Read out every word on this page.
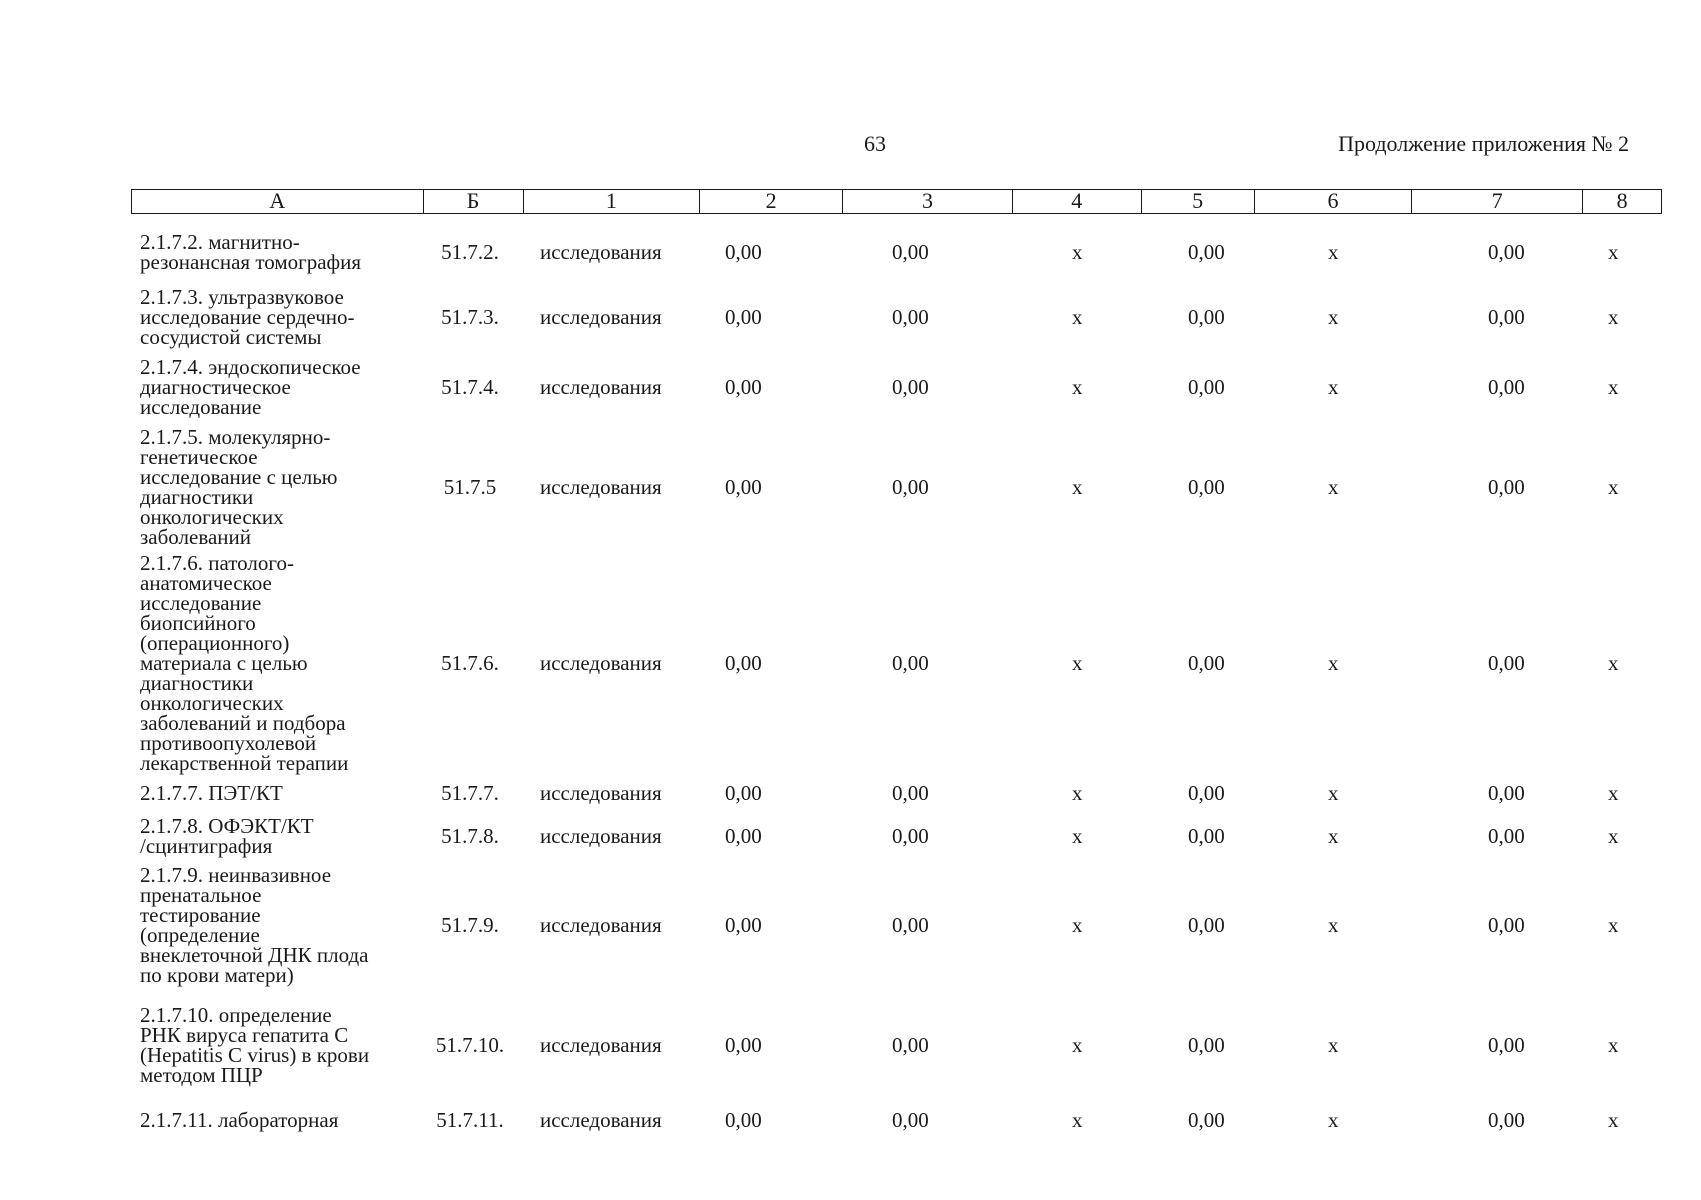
63	Продолжение приложения № 2
А	Б	1	2	3	4	5	6	7	8
2.1.7.2. магнитно-
резонансная томография	51.7.2.	исследования	0,00	0,00	x	0,00	x	0,00	x
2.1.7.3. ультразвуковое
исследование сердечно-
сосудистой системы
51.7.3.	исследования	0,00	0,00	x	0,00	x	0,00	x
2.1.7.4. эндоскопическое
диагностическое
исследование
51.7.4.	исследования	0,00	0,00	x	0,00	x	0,00	x
2.1.7.5. молекулярно-
генетическое
исследование с целью
диагностики
онкологических
заболеваний
51.7.5	исследования	0,00	0,00	x	0,00	x	0,00	x
2.1.7.6. патолого-
анатомическое
исследование
биопсийного
(операционного)
материала с целью
диагностики
онкологических
заболеваний и подбора
противоопухолевой
лекарственной терапии
51.7.6.	исследования	0,00	0,00	x	0,00	x	0,00	x
2.1.7.7. ПЭТ/КТ	51.7.7.	исследования	0,00	0,00	x	0,00	x	0,00	x
2.1.7.8. ОФЭКТ/КТ
/сцинтиграфия	51.7.8.	исследования	0,00	0,00	x	0,00	x	0,00	x
2.1.7.9. неинвазивное
пренатальное
тестирование
(определение
внеклеточной ДНК плода
по крови матери)
51.7.9.	исследования	0,00	0,00	x	0,00	x	0,00	x
2.1.7.10. определение
РНК вируса гепатита С
(Hepatitis C virus) в крови
методом ПЦР
51.7.10.	исследования	0,00	0,00	x	0,00	x	0,00	x
2.1.7.11. лабораторная	51.7.11.	исследования	0,00	0,00	x	0,00	x	0,00	x
